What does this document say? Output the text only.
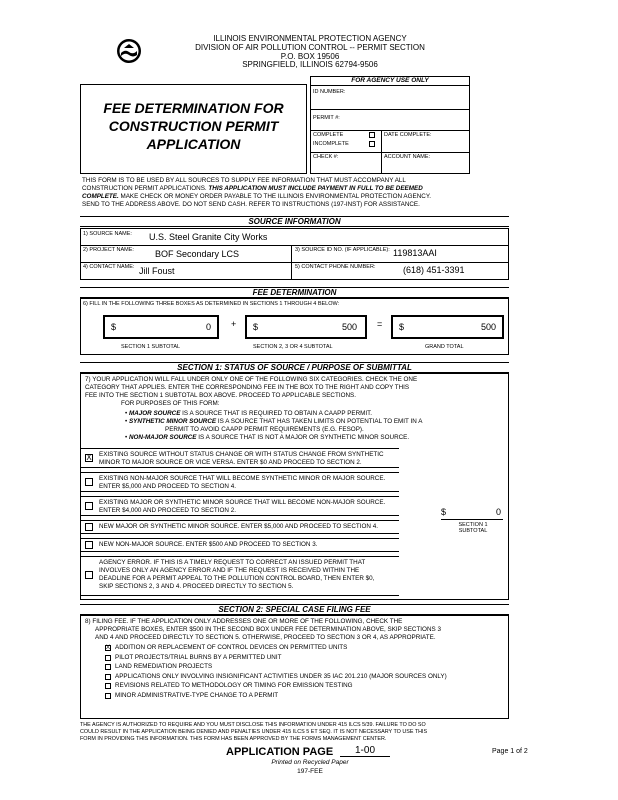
ILLINOIS ENVIRONMENTAL PROTECTION AGENCY
DIVISION OF AIR POLLUTION CONTROL -- PERMIT SECTION
P.O. BOX 19506
SPRINGFIELD, ILLINOIS 62794-9506
FEE DETERMINATION FOR
CONSTRUCTION PERMIT
APPLICATION
FOR AGENCY USE ONLY
ID NUMBER:
PERMIT #:
COMPLETE
INCOMPLETE
DATE COMPLETE:
CHECK #:	ACCOUNT NAME:
THIS FORM IS TO BE USED BY ALL SOURCES TO SUPPLY FEE INFORMATION THAT MUST ACCOMPANY ALL
CONSTRUCTION PERMIT APPLICATIONS. THIS APPLICATION MUST INCLUDE PAYMENT IN FULL TO BE DEEMED
COMPLETE. MAKE CHECK OR MONEY ORDER PAYABLE TO THE ILLINOIS ENVIRONMENTAL PROTECTION AGENCY.
SEND TO THE ADDRESS ABOVE. DO NOT SEND CASH. REFER TO INSTRUCTIONS (197-INST) FOR ASSISTANCE.
SOURCE INFORMATION
1) SOURCE NAME: U.S. Steel Granite City Works
2) PROJECT NAME: BOF Secondary LCS	3) SOURCE ID NO. (IF APPLICABLE): 119813AAI
4) CONTACT NAME: Jill Foust	5) CONTACT PHONE NUMBER:	(618) 451-3391
FEE DETERMINATION
6) FILL IN THE FOLLOWING THREE BOXES AS DETERMINED IN SECTIONS 1 THROUGH 4 BELOW:
$	0 + $	500 = $	500
SECTION 1 SUBTOTAL	SECTION 2, 3 OR 4 SUBTOTAL	GRAND TOTAL
SECTION 1: STATUS OF SOURCE / PURPOSE OF SUBMITTAL
7) YOUR APPLICATION WILL FALL UNDER ONLY ONE OF THE FOLLOWING SIX CATEGORIES. CHECK THE ONE
CATEGORY THAT APPLIES. ENTER THE CORRESPONDING FEE IN THE BOX TO THE RIGHT AND COPY THIS
FEE INTO THE SECTION 1 SUBTOTAL BOX ABOVE. PROCEED TO APPLICABLE SECTIONS.
FOR PURPOSES OF THIS FORM:
• MAJOR SOURCE IS A SOURCE THAT IS REQUIRED TO OBTAIN A CAAPP PERMIT.
• SYNTHETIC MINOR SOURCE IS A SOURCE THAT HAS TAKEN LIMITS ON POTENTIAL TO EMIT IN A
PERMIT TO AVOID CAAPP PERMIT REQUIREMENTS (E.G. FESOP).
• NON-MAJOR SOURCE IS A SOURCE THAT IS NOT A MAJOR OR SYNTHETIC MINOR SOURCE.
X EXISTING SOURCE WITHOUT STATUS CHANGE OR WITH STATUS CHANGE FROM SYNTHETIC
MINOR TO MAJOR SOURCE OR VICE VERSA. ENTER $0 AND PROCEED TO SECTION 2.
EXISTING NON-MAJOR SOURCE THAT WILL BECOME SYNTHETIC MINOR OR MAJOR SOURCE.
ENTER $5,000 AND PROCEED TO SECTION 4.
EXISTING MAJOR OR SYNTHETIC MINOR SOURCE THAT WILL BECOME NON-MAJOR SOURCE.
ENTER $4,000 AND PROCEED TO SECTION 2.
NEW MAJOR OR SYNTHETIC MINOR SOURCE. ENTER $5,000 AND PROCEED TO SECTION 4.
NEW NON-MAJOR SOURCE. ENTER $500 AND PROCEED TO SECTION 3.
AGENCY ERROR. IF THIS IS A TIMELY REQUEST TO CORRECT AN ISSUED PERMIT THAT
INVOLVES ONLY AN AGENCY ERROR AND IF THE REQUEST IS RECEIVED WITHIN THE
DEADLINE FOR A PERMIT APPEAL TO THE POLLUTION CONTROL BOARD, THEN ENTER $0,
SKIP SECTIONS 2, 3 AND 4. PROCEED DIRECTLY TO SECTION 5.
$	0
SECTION 1
SUBTOTAL
SECTION 2: SPECIAL CASE FILING FEE
8) FILING FEE. IF THE APPLICATION ONLY ADDRESSES ONE OR MORE OF THE FOLLOWING, CHECK THE
APPROPRIATE BOXES, ENTER $500 IN THE SECOND BOX UNDER FEE DETERMINATION ABOVE, SKIP SECTIONS 3
AND 4 AND PROCEED DIRECTLY TO SECTION 5. OTHERWISE, PROCEED TO SECTION 3 OR 4, AS APPROPRIATE.
X ADDITION OR REPLACEMENT OF CONTROL DEVICES ON PERMITTED UNITS
PILOT PROJECTS/TRIAL BURNS BY A PERMITTED UNIT
LAND REMEDIATION PROJECTS
APPLICATIONS ONLY INVOLVING INSIGNIFICANT ACTIVITIES UNDER 35 IAC 201.210 (MAJOR SOURCES ONLY)
REVISIONS RELATED TO METHODOLOGY OR TIMING FOR EMISSION TESTING
MINOR ADMINISTRATIVE-TYPE CHANGE TO A PERMIT
THE AGENCY IS AUTHORIZED TO REQUIRE AND YOU MUST DISCLOSE THIS INFORMATION UNDER 415 ILCS 5/39. FAILURE TO DO SO
COULD RESULT IN THE APPLICATION BEING DENIED AND PENALTIES UNDER 415 ILCS 5 ET SEQ. IT IS NOT NECESSARY TO USE THIS
FORM IN PROVIDING THIS INFORMATION. THIS FORM HAS BEEN APPROVED BY THE FORMS MANAGEMENT CENTER.
APPLICATION PAGE	1-00
Printed on Recycled Paper
197-FEE
Page 1 of 2
